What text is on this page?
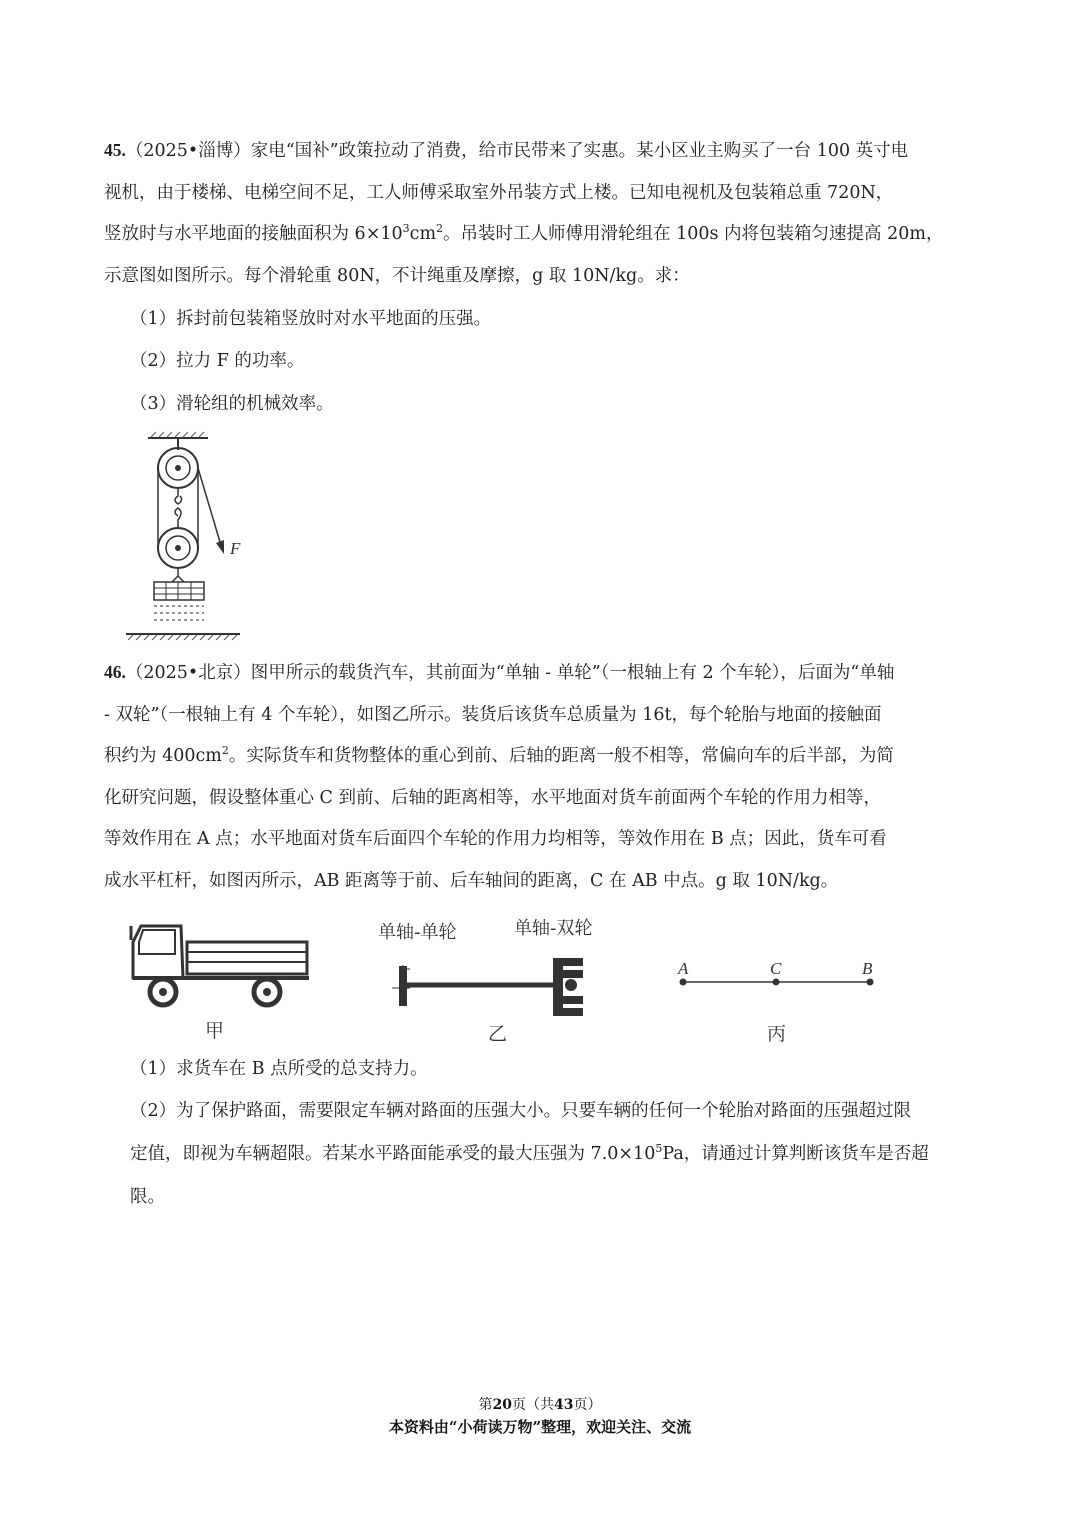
45.（2025•淄博）家电“国补”政策拉动了消费，给市民带来了实惠。某小区业主购买了一台 100 英寸电
视机，由于楼梯、电梯空间不足，工人师傅采取室外吊装方式上楼。已知电视机及包装箱总重 720N，
竖放时与水平地面的接触面积为 $6\times 10^3cm^2$。吊装时工人师傅用滑轮组在 100s 内将包装箱匀速提高 20m，
示意图如图所示。每个滑轮重 80N，不计绳重及摩擦，g 取 10N/kg。求：

（1）拆封前包装箱竖放时对水平地面的压强。

（2）拉力 F 的功率。

（3）滑轮组的机械效率。

F

46.（2025•北京）图甲所示的载货汽车，其前面为“单轴 - 单轮”（一根轴上有 2 个车轮），后面为“单轴
- 双轮”（一根轴上有 4 个车轮），如图乙所示。装货后该货车总质量为 16t，每个轮胎与地面的接触面
积约为 $400cm^2$。实际货车和货物整体的重心到前、后轴的距离一般不相等，常偏向车的后半部，为简
化研究问题，假设整体重心 C 到前、后轴的距离相等，水平地面对货车前面两个车轮的作用力相等，
等效作用在 A 点；水平地面对货车后面四个车轮的作用力均相等，等效作用在 B 点；因此，货车可看
成水平杠杆，如图丙所示，AB 距离等于前、后车轴间的距离，C 在 AB 中点。g 取 10N/kg。

甲
单轴-单轮	单轴-双轮
乙
A	C	B
丙

（1）求货车在 B 点所受的总支持力。

（2）为了保护路面，需要限定车辆对路面的压强大小。只要车辆的任何一个轮胎对路面的压强超过限
定值，即视为车辆超限。若某水平路面能承受的最大压强为 $7.0\times 10^5Pa$，请通过计算判断该货车是否超
限。

第20页（共43页）
本资料由“小荷读万物”整理，欢迎关注、交流
